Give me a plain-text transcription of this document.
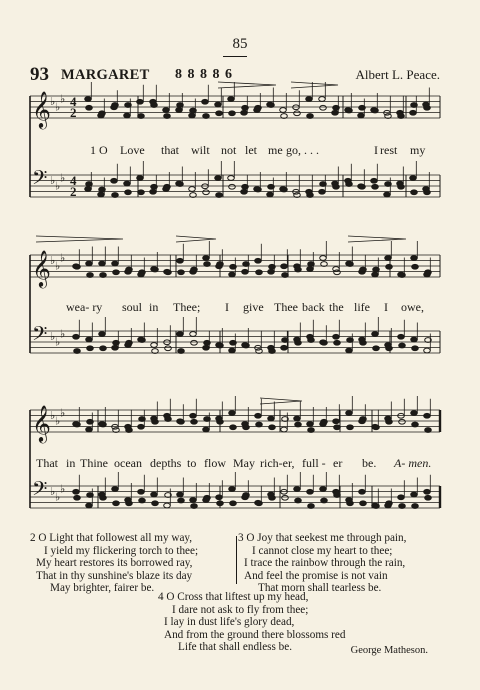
85
93 MARGARET 8 8 8 8 6	Albert L. Peace.
𝄞 ♭ ♭
♭ 4
2
𝄢 ♭ ♭
♭ 4
2
1 O Love that wilt not let me go, . . .	I rest my
𝄞 ♭ ♭
♭
𝄢 ♭ ♭
♭
wea- ry soul in Thee; I give Thee back the life I owe,
𝄞 ♭ ♭
♭
𝄢 ♭ ♭
♭
That in Thine ocean depths to flow May rich-er, full - er be. A- men.
2 O Light that followest all my way,
I yield my flickering torch to thee;
My heart restores its borrowed ray,
That in thy sunshine's blaze its day
May brighter, fairer be.
3 O Joy that seekest me through pain,
I cannot close my heart to thee;
I trace the rainbow through the rain,
And feel the promise is not vain
That morn shall tearless be.
4 O Cross that liftest up my head,
I dare not ask to fly from thee;
I lay in dust life's glory dead,
And from the ground there blossoms red
Life that shall endless be.	George Matheson.
